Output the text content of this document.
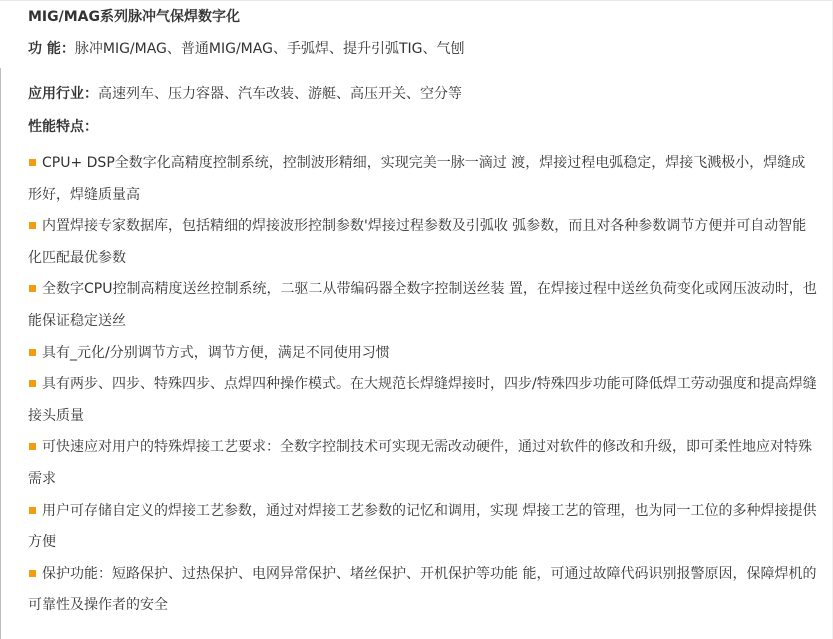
MIG/MAG系列脉冲气保焊数字化
功 能：脉冲MIG/MAG、普通MIG/MAG、手弧焊、提升引弧TIG、气刨
应用行业：高速列车、压力容器、汽车改装、游艇、高压开关、空分等
性能特点：
CPU+ DSP全数字化高精度控制系统，控制波形精细，实现完美一脉一滴过 渡，焊接过程电弧稳定，焊接飞溅极小，焊缝成形好，焊缝质量高
内置焊接专家数据库，包括精细的焊接波形控制参数'焊接过程参数及引弧收 弧参数，而且对各种参数调节方便并可自动智能化匹配最优参数
全数字CPU控制高精度送丝控制系统，二驱二从带编码器全数字控制送丝装 置，在焊接过程中送丝负荷变化或网压波动时，也能保证稳定送丝
具有_元化/分别调节方式，调节方便，满足不同使用习惯
具有两步、四步、特殊四步、点焊四种操作模式。在大规范长焊缝焊接时，四步/特殊四步功能可降低焊工劳动强度和提高焊缝接头质量
可快速应对用户的特殊焊接工艺要求：全数字控制技术可实现无需改动硬件，通过对软件的修改和升级，即可柔性地应对特殊需求
用户可存储自定义的焊接工艺参数，通过对焊接工艺参数的记忆和调用，实现 焊接工艺的管理，也为同一工位的多种焊接提供方便
保护功能：短路保护、过热保护、电网异常保护、堵丝保护、开机保护等功能 能，可通过故障代码识别报警原因，保障焊机的可靠性及操作者的安全
